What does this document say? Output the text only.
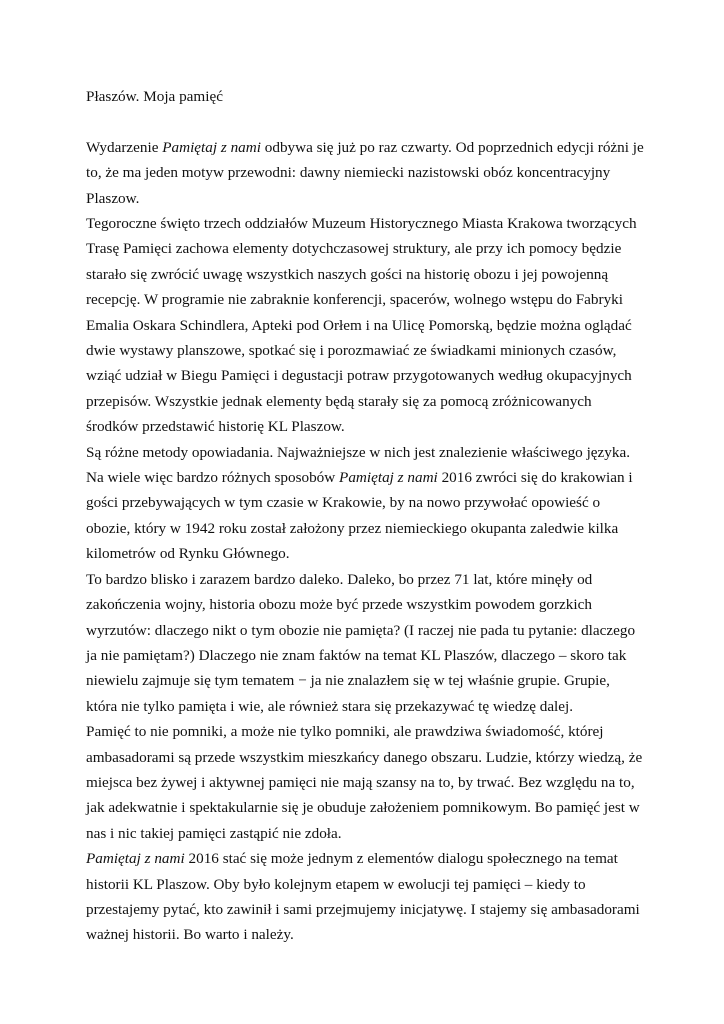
Płaszów. Moja pamięć

Wydarzenie Pamiętaj z nami odbywa się już po raz czwarty. Od poprzednich edycji różni je to, że ma jeden motyw przewodni: dawny niemiecki nazistowski obóz koncentracyjny Plaszow.

Tegoroczne święto trzech oddziałów Muzeum Historycznego Miasta Krakowa tworzących Trasę Pamięci zachowa elementy dotychczasowej struktury, ale przy ich pomocy będzie starało się zwrócić uwagę wszystkich naszych gości na historię obozu i jej powojenną recepcję. W programie nie zabraknie konferencji, spacerów, wolnego wstępu do Fabryki Emalia Oskara Schindlera, Apteki pod Orłem i na Ulicę Pomorską, będzie można oglądać dwie wystawy planszowe, spotkać się i porozmawiać ze świadkami minionych czasów, wziąć udział w Biegu Pamięci i degustacji potraw przygotowanych według okupacyjnych przepisów. Wszystkie jednak elementy będą starały się za pomocą zróżnicowanych środków przedstawić historię KL Plaszow.

Są różne metody opowiadania. Najważniejsze w nich jest znalezienie właściwego języka. Na wiele więc bardzo różnych sposobów Pamiętaj z nami 2016 zwróci się do krakowian i gości przebywających w tym czasie w Krakowie, by na nowo przywołać opowieść o obozie, który w 1942 roku został założony przez niemieckiego okupanta zaledwie kilka kilometrów od Rynku Głównego.

To bardzo blisko i zarazem bardzo daleko. Daleko, bo przez 71 lat, które minęły od zakończenia wojny, historia obozu może być przede wszystkim powodem gorzkich wyrzutów: dlaczego nikt o tym obozie nie pamięta? (I raczej nie pada tu pytanie: dlaczego ja nie pamiętam?) Dlaczego nie znam faktów na temat KL Plaszów, dlaczego – skoro tak niewielu zajmuje się tym tematem − ja nie znalazłem się w tej właśnie grupie. Grupie, która nie tylko pamięta i wie, ale również stara się przekazywać tę wiedzę dalej.

Pamięć to nie pomniki, a może nie tylko pomniki, ale prawdziwa świadomość, której ambasadorami są przede wszystkim mieszkańcy danego obszaru. Ludzie, którzy wiedzą, że miejsca bez żywej i aktywnej pamięci nie mają szansy na to, by trwać. Bez względu na to, jak adekwatnie i spektakularnie się je obuduje założeniem pomnikowym. Bo pamięć jest w nas i nic takiej pamięci zastąpić nie zdoła.

Pamiętaj z nami 2016 stać się może jednym z elementów dialogu społecznego na temat historii KL Plaszow. Oby było kolejnym etapem w ewolucji tej pamięci – kiedy to przestajemy pytać, kto zawinił i sami przejmujemy inicjatywę. I stajemy się ambasadorami ważnej historii. Bo warto i należy.
